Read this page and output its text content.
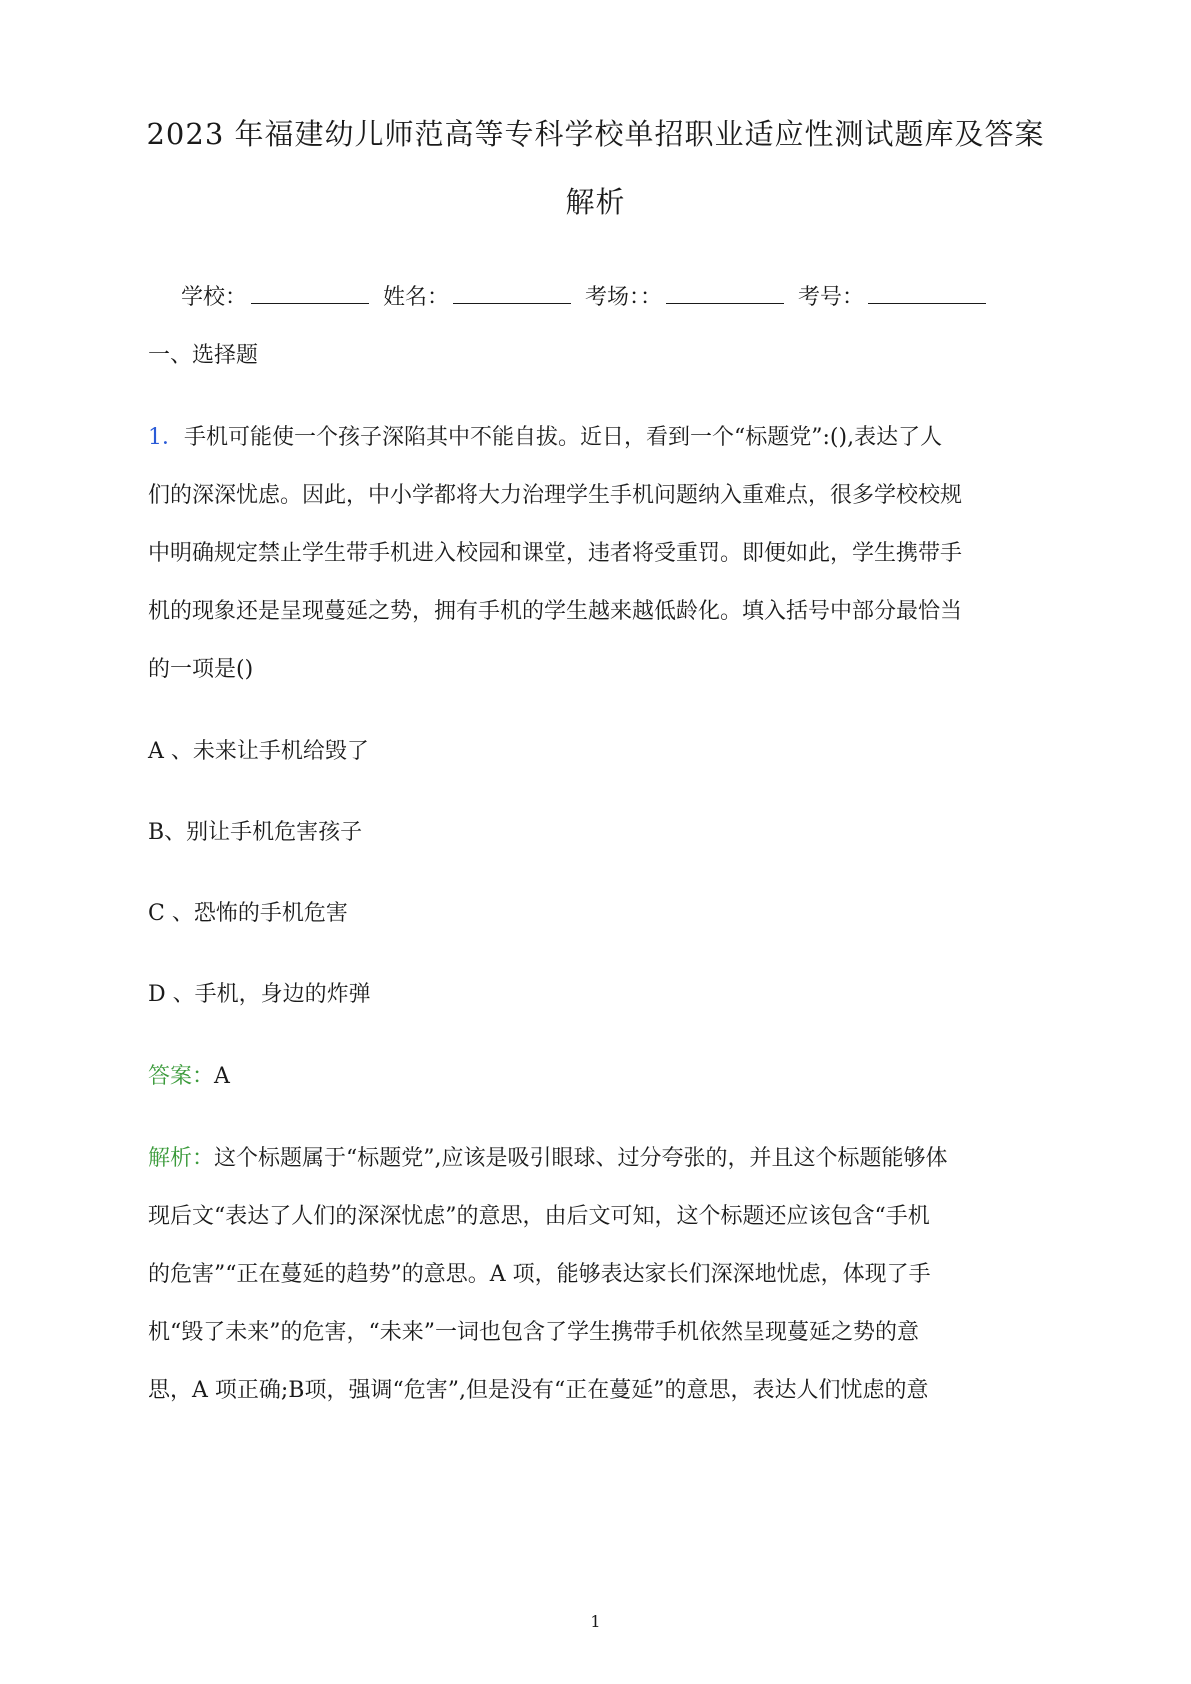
2023 年福建幼儿师范高等专科学校单招职业适应性测试题库及答案
解析
学校：	姓名：	考场：：	考号：

一、选择题

1．手机可能使一个孩子深陷其中不能自拔。近日，看到一个“标题党”:(),表达了人

们的深深忧虑。因此，中小学都将大力治理学生手机问题纳入重难点，很多学校校规

中明确规定禁止学生带手机进入校园和课堂，违者将受重罚。即便如此，学生携带手

机的现象还是呈现蔓延之势，拥有手机的学生越来越低龄化。填入括号中部分最恰当

的一项是()

A 、未来让手机给毁了

B、别让手机危害孩子

C 、恐怖的手机危害

D 、手机，身边的炸弹

答案：A

解析：这个标题属于“标题党”,应该是吸引眼球、过分夸张的，并且这个标题能够体

现后文“表达了人们的深深忧虑”的意思，由后文可知，这个标题还应该包含“手机

的危害”“正在蔓延的趋势”的意思。A 项，能够表达家长们深深地忧虑，体现了手

机“毁了未来”的危害，“未来”一词也包含了学生携带手机依然呈现蔓延之势的意

思，A 项正确;B项，强调“危害”,但是没有“正在蔓延”的意思，表达人们忧虑的意

1
